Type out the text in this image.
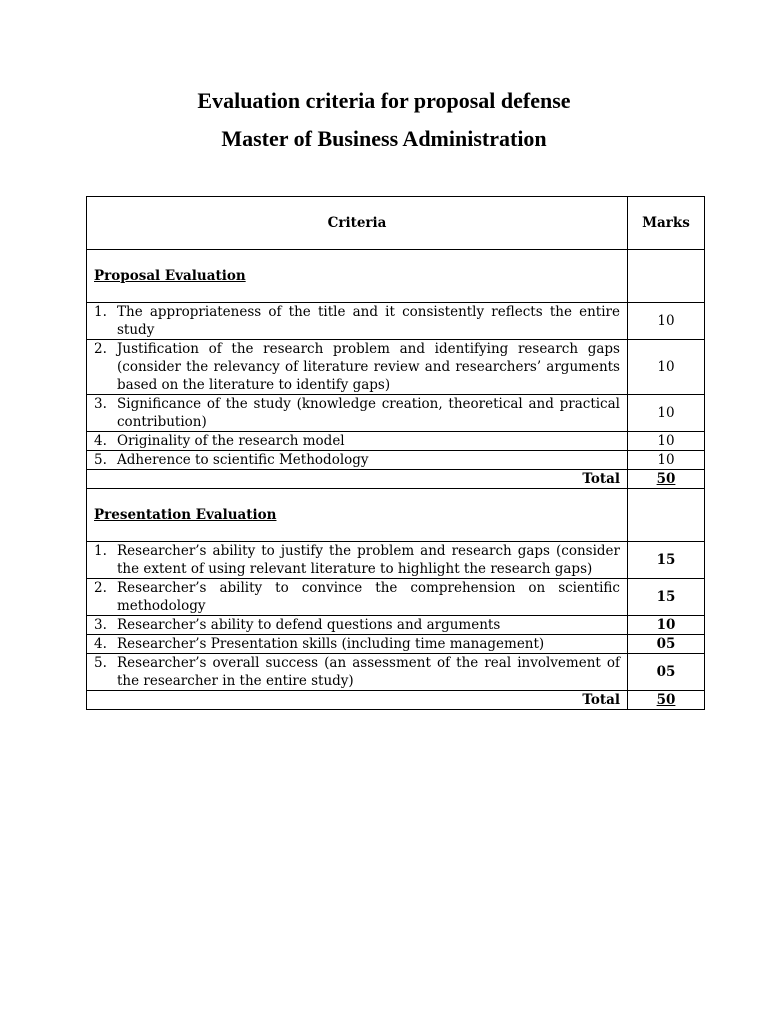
Evaluation criteria for proposal defense
Master of Business Administration
Criteria	Marks
Proposal Evaluation	

1. The appropriateness of the title and it consistently reflects the entire study	10

2. Justification of the research problem and identifying research gaps (consider the relevancy of literature review and researchers’ arguments based on the literature to identify gaps)	10

3. Significance of the study (knowledge creation, theoretical and practical contribution)	10

4. Originality of the research model	10

5. Adherence to scientific Methodology	10
Total	50
Presentation Evaluation	

1. Researcher’s ability to justify the problem and research gaps (consider the extent of using relevant literature to highlight the research gaps)	15

2. Researcher’s ability to convince the comprehension on scientific methodology	15

3. Researcher’s ability to defend questions and arguments	10

4. Researcher’s Presentation skills (including time management)	05

5. Researcher’s overall success (an assessment of the real involvement of the researcher in the entire study)	05
Total	50
